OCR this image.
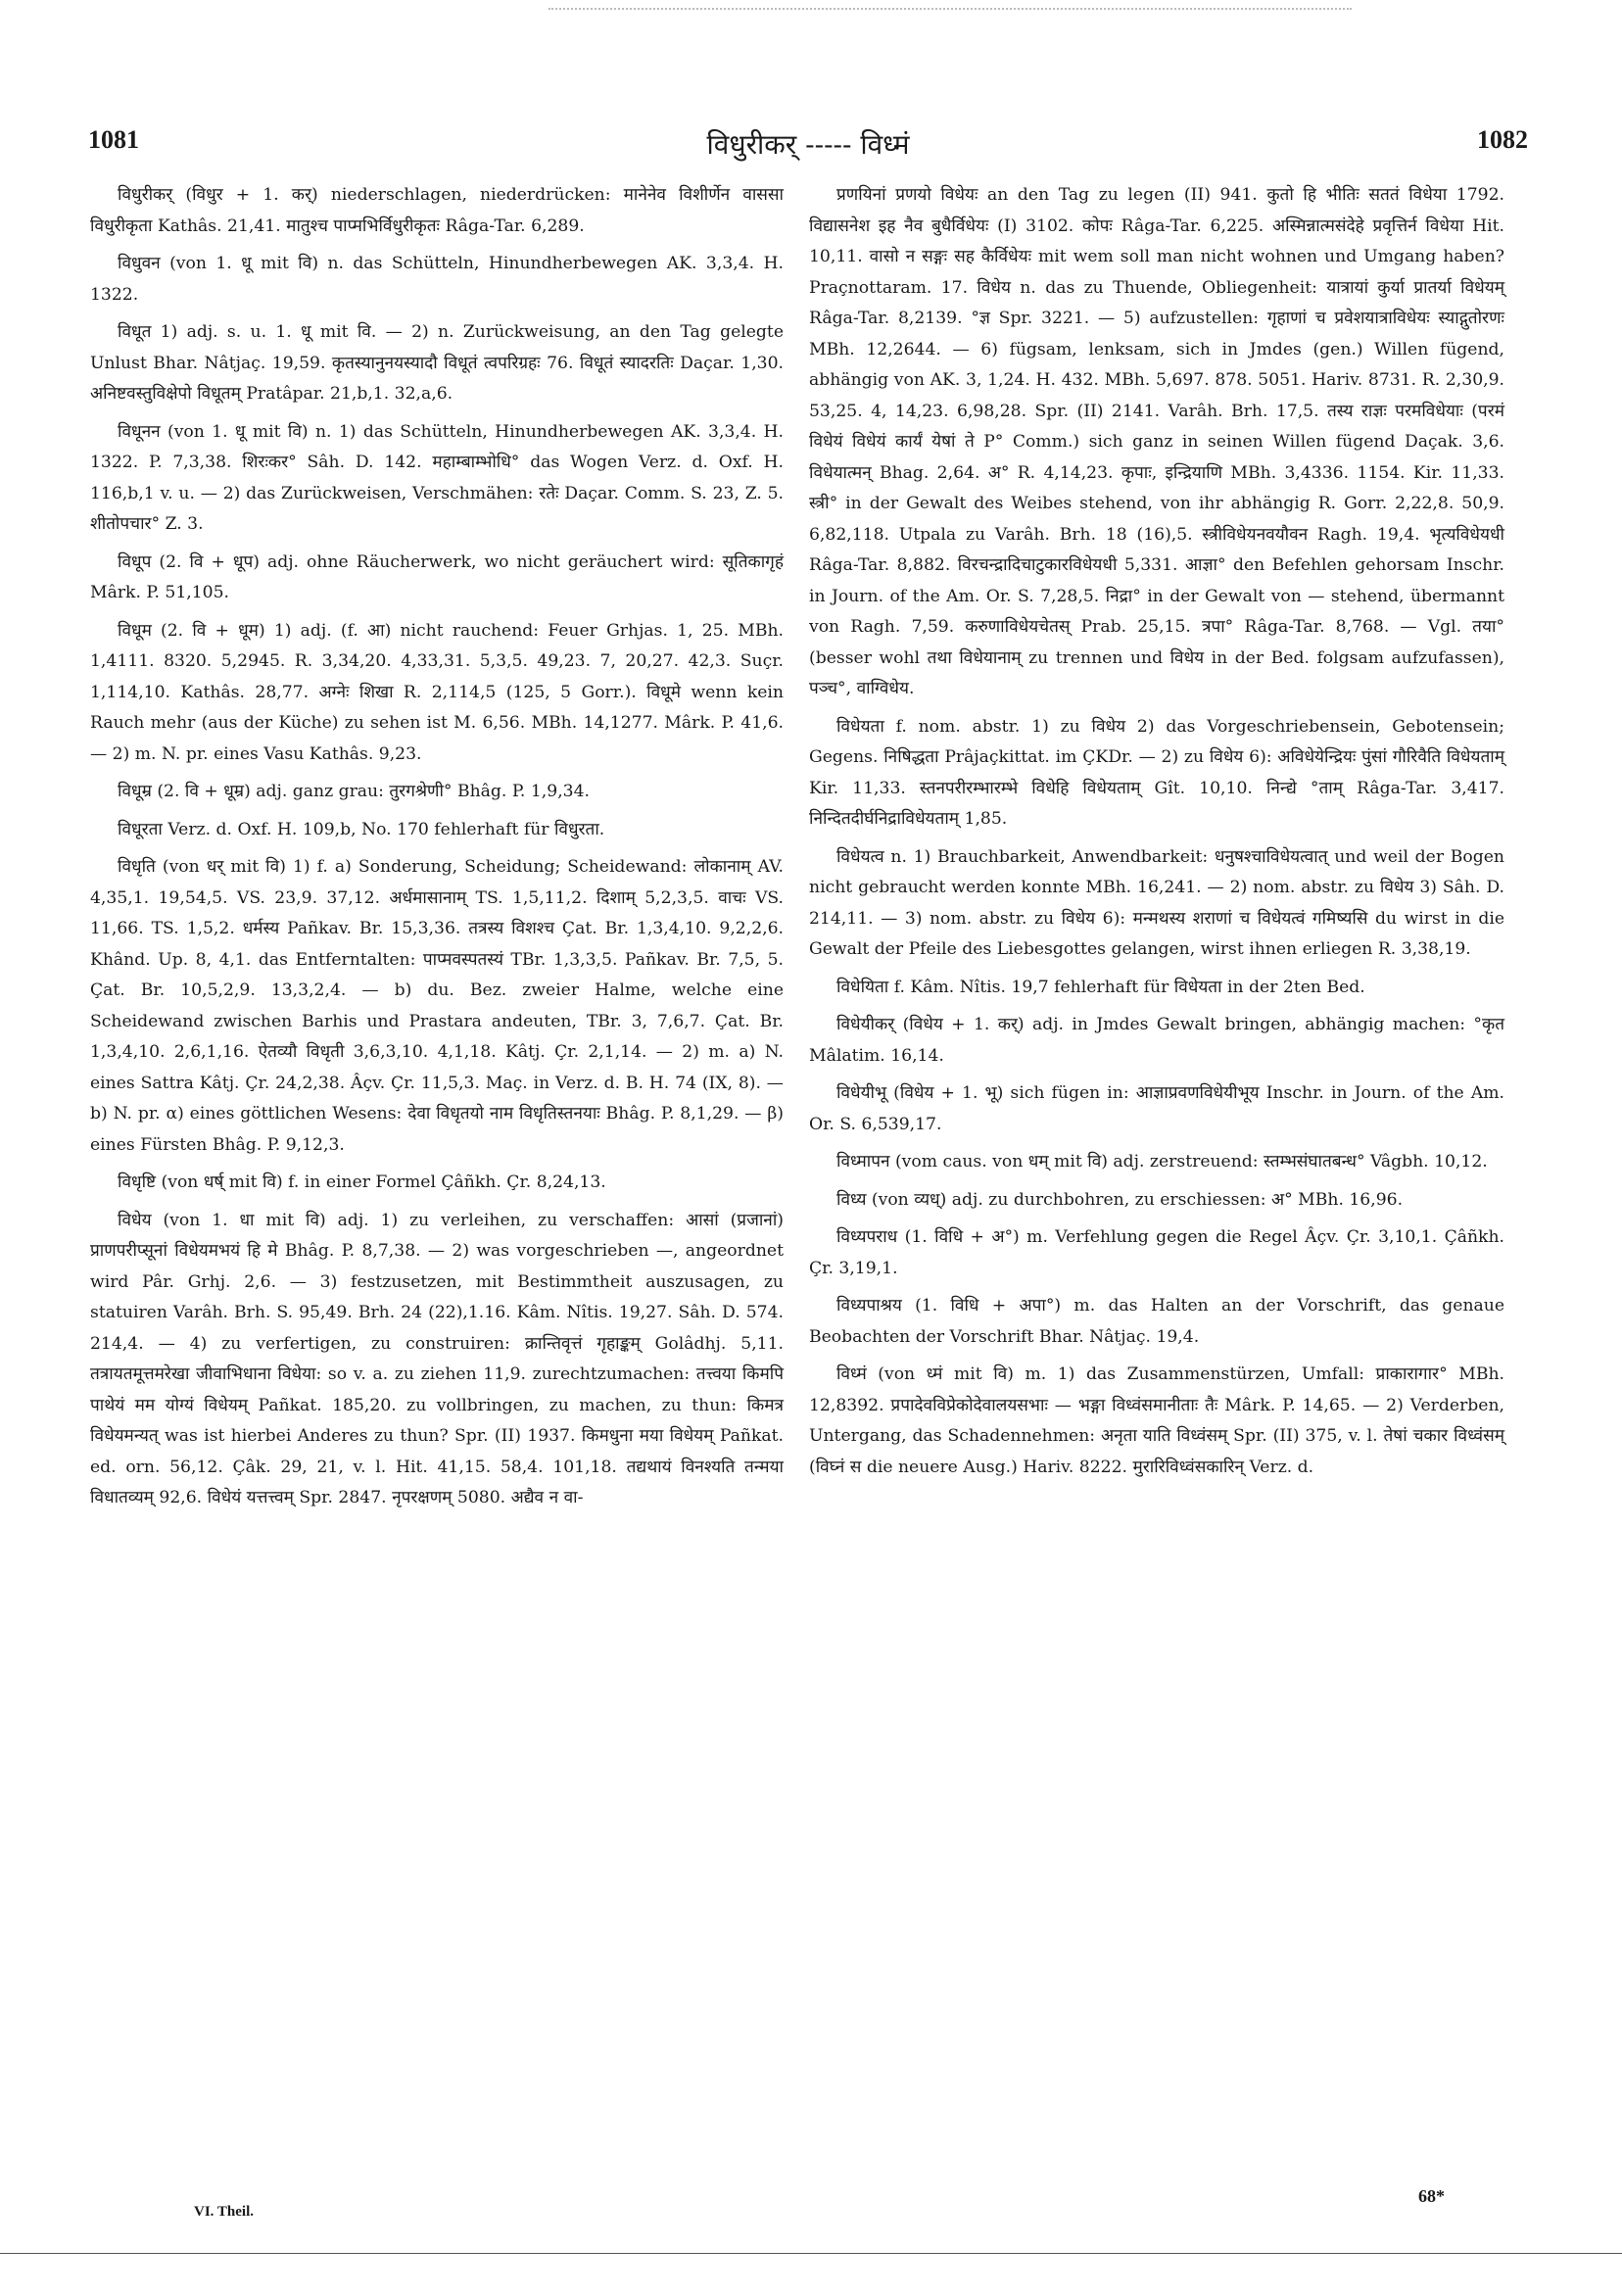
1081	विधुरीकर् ----- विध्मं	1082

विधुरीकर् (विधुर + 1. कर्) niederschlagen, niederdrücken: मानेनेव विशीर्णेन वाससा विधुरीकृता Kathâs. 21,41. मातुश्च पाप्मभिर्विधुरीकृतः Râga-Tar. 6,289.

विधुवन (von 1. धू mit वि) n. das Schütteln, Hinundherbewegen AK. 3,3,4. H. 1322.

विधूत 1) adj. s. u. 1. धू mit वि. — 2) n. Zurückweisung, an den Tag gelegte Unlust Bhar. Nâtjaç. 19,59. कृतस्यानुनयस्यादौ विधूतं त्वपरिग्रहः 76. विधूतं स्यादरतिः Daçar. 1,30. अनिष्टवस्तुविक्षेपो विधूतम् Pratâpar. 21,b,1. 32,a,6.

विधूनन (von 1. धू mit वि) n. 1) das Schütteln, Hinundherbewegen AK. 3,3,4. H. 1322. P. 7,3,38. शिरःकर° Sâh. D. 142. महाम्बाम्भोधि° das Wogen Verz. d. Oxf. H. 116,b,1 v. u. — 2) das Zurückweisen, Verschmähen: रतेः Daçar. Comm. S. 23, Z. 5. शीतोपचार° Z. 3.

विधूप (2. वि + धूप) adj. ohne Räucherwerk, wo nicht geräuchert wird: सूतिकागृहं Mârk. P. 51,105.

विधूम (2. वि + धूम) 1) adj. (f. आ) nicht rauchend: Feuer Grhjas. 1, 25. MBh. 1,4111. 8320. 5,2945. R. 3,34,20. 4,33,31. 5,3,5. 49,23. 7, 20,27. 42,3. Suçr. 1,114,10. Kathâs. 28,77. अग्नेः शिखा R. 2,114,5 (125, 5 Gorr.). विधूमे wenn kein Rauch mehr (aus der Küche) zu sehen ist M. 6,56. MBh. 14,1277. Mârk. P. 41,6. — 2) m. N. pr. eines Vasu Kathâs. 9,23.

विधूम्र (2. वि + धूम्र) adj. ganz grau: तुरगश्रेणी° Bhâg. P. 1,9,34.

विधूरता Verz. d. Oxf. H. 109,b, No. 170 fehlerhaft für विधुरता.

विधृति (von धर् mit वि) 1) f. a) Sonderung, Scheidung; Scheidewand: लोकानाम् AV. 4,35,1. 19,54,5. VS. 23,9. 37,12. अर्धमासानाम् TS. 1,5,11,2. दिशाम् 5,2,3,5. वाचः VS. 11,66. TS. 1,5,2. धर्मस्य Pañkav. Br. 15,3,36. तत्रस्य विशश्च Çat. Br. 1,3,4,10. 9,2,2,6. Khând. Up. 8, 4,1. das Entferntalten: पाप्मवस्पतस्यं TBr. 1,3,3,5. Pañkav. Br. 7,5, 5. Çat. Br. 10,5,2,9. 13,3,2,4. — b) du. Bez. zweier Halme, welche eine Scheidewand zwischen Barhis und Prastara andeuten, TBr. 3, 7,6,7. Çat. Br. 1,3,4,10. 2,6,1,16. ऐतव्यौ विधृती 3,6,3,10. 4,1,18. Kâtj. Çr. 2,1,14. — 2) m. a) N. eines Sattra Kâtj. Çr. 24,2,38. Âçv. Çr. 11,5,3. Maç. in Verz. d. B. H. 74 (IX, 8). — b) N. pr. α) eines göttlichen Wesens: देवा विधृतयो नाम विधृतिस्तनयाः Bhâg. P. 8,1,29. — β) eines Fürsten Bhâg. P. 9,12,3.

विधृष्टि (von धर्ष् mit वि) f. in einer Formel Çâñkh. Çr. 8,24,13.

विधेय (von 1. धा mit वि) adj. 1) zu verleihen, zu verschaffen: आसां (प्रजानां) प्राणपरीप्सूनां विधेयमभयं हि मे Bhâg. P. 8,7,38. — 2) was vorgeschrieben —, angeordnet wird Pâr. Grhj. 2,6. — 3) festzusetzen, mit Bestimmtheit auszusagen, zu statuiren Varâh. Brh. S. 95,49. Brh. 24 (22),1.16. Kâm. Nîtis. 19,27. Sâh. D. 574. 214,4. — 4) zu verfertigen, zu construiren: क्रान्तिवृत्तं गृहाङ्कम् Golâdhj. 5,11. तत्रायतमूत्तमरेखा जीवाभिधाना विधेया: so v. a. zu ziehen 11,9. zurechtzumachen: तत्त्वया किमपि पाथेयं मम योग्यं विधेयम् Pañkat. 185,20. zu vollbringen, zu machen, zu thun: किमत्र विधेयमन्यत् was ist hierbei Anderes zu thun? Spr. (II) 1937. किमधुना मया विधेयम् Pañkat. ed. orn. 56,12. Çâk. 29, 21, v. l. Hit. 41,15. 58,4. 101,18. तद्यथायं विनश्यति तन्मया विधातव्यम् 92,6. विधेयं यत्तत्त्वम् Spr. 2847. नृपरक्षणम् 5080. अद्यैव न वा-

प्रणयिनां प्रणयो विधेयः an den Tag zu legen (II) 941. कुतो हि भीतिः सततं विधेया 1792. विद्यासनेश इह नैव बुधैर्विधेयः (I) 3102. कोपः Râga-Tar. 6,225. अस्मिन्नात्मसंदेहे प्रवृत्तिर्न विधेया Hit. 10,11. वासो न सङ्गः सह कैर्विधेयः mit wem soll man nicht wohnen und Umgang haben? Praçnottaram. 17. विधेय n. das zu Thuende, Obliegenheit: यात्रायां कुर्या प्रातर्या विधेयम् Râga-Tar. 8,2139. °ज्ञ Spr. 3221. — 5) aufzustellen: गृहाणां च प्रवेशयात्राविधेयः स्याद्गुतोरणः MBh. 12,2644. — 6) fügsam, lenksam, sich in Jmdes (gen.) Willen fügend, abhängig von AK. 3, 1,24. H. 432. MBh. 5,697. 878. 5051. Hariv. 8731. R. 2,30,9. 53,25. 4, 14,23. 6,98,28. Spr. (II) 2141. Varâh. Brh. 17,5. तस्य राज्ञः परमविधेयाः (परमं विधेयं विधेयं कार्यं येषां ते P° Comm.) sich ganz in seinen Willen fügend Daçak. 3,6. विधेयात्मन् Bhag. 2,64. अ° R. 4,14,23. कृपाः, इन्द्रियाणि MBh. 3,4336. 1154. Kir. 11,33. स्त्री° in der Gewalt des Weibes stehend, von ihr abhängig R. Gorr. 2,22,8. 50,9. 6,82,118. Utpala zu Varâh. Brh. 18 (16),5. स्त्रीविधेयनवयौवन Ragh. 19,4. भृत्यविधेयधी Râga-Tar. 8,882. विरचन्द्रादिचाटुकारविधेयधी 5,331. आज्ञा° den Befehlen gehorsam Inschr. in Journ. of the Am. Or. S. 7,28,5. निद्रा° in der Gewalt von — stehend, übermannt von Ragh. 7,59. करुणाविधेयचेतस् Prab. 25,15. त्रपा° Râga-Tar. 8,768. — Vgl. तया° (besser wohl तथा विधेयानाम् zu trennen und विधेय in der Bed. folgsam aufzufassen), पञ्च°, वाग्विधेय.

विधेयता f. nom. abstr. 1) zu विधेय 2) das Vorgeschriebensein, Gebotensein; Gegens. निषिद्धता Prâjaçkittat. im ÇKDr. — 2) zu विधेय 6): अविधेयेन्द्रियः पुंसां गौरिवैति विधेयताम् Kir. 11,33. स्तनपरीरम्भारम्भे विधेहि विधेयताम् Gît. 10,10. निन्द्ये °ताम् Râga-Tar. 3,417. निन्दितदीर्घनिद्राविधेयताम् 1,85.

विधेयत्व n. 1) Brauchbarkeit, Anwendbarkeit: धनुषश्चाविधेयत्वात् und weil der Bogen nicht gebraucht werden konnte MBh. 16,241. — 2) nom. abstr. zu विधेय 3) Sâh. D. 214,11. — 3) nom. abstr. zu विधेय 6): मन्मथस्य शराणां च विधेयत्वं गमिष्यसि du wirst in die Gewalt der Pfeile des Liebesgottes gelangen, wirst ihnen erliegen R. 3,38,19.

विधेयिता f. Kâm. Nîtis. 19,7 fehlerhaft für विधेयता in der 2ten Bed.

विधेयीकर् (विधेय + 1. कर्) adj. in Jmdes Gewalt bringen, abhängig machen: °कृत Mâlatim. 16,14.

विधेयीभू (विधेय + 1. भू) sich fügen in: आज्ञाप्रवणविधेयीभूय Inschr. in Journ. of the Am. Or. S. 6,539,17.

विध्मापन (vom caus. von धम् mit वि) adj. zerstreuend: स्तम्भसंघातबन्ध° Vâgbh. 10,12.

विध्य (von व्यध्) adj. zu durchbohren, zu erschiessen: अ° MBh. 16,96.

विध्यपराध (1. विधि + अ°) m. Verfehlung gegen die Regel Âçv. Çr. 3,10,1. Çâñkh. Çr. 3,19,1.

विध्यपाश्रय (1. विधि + अपा°) m. das Halten an der Vorschrift, das genaue Beobachten der Vorschrift Bhar. Nâtjaç. 19,4.

विध्मं (von ध्मं mit वि) m. 1) das Zusammenstürzen, Umfall: प्राकारागार° MBh. 12,8392. प्रपादेवविप्रेकोदेवालयसभाः — भङ्गा विध्वंसमानीताः तैः Mârk. P. 14,65. — 2) Verderben, Untergang, das Schadennehmen: अनृता याति विध्वंसम् Spr. (II) 375, v. l. तेषां चकार विध्वंसम् (विघ्नं स die neuere Ausg.) Hariv. 8222. मुरारिविध्वंसकारिन् Verz. d.

VI. Theil.
68*
